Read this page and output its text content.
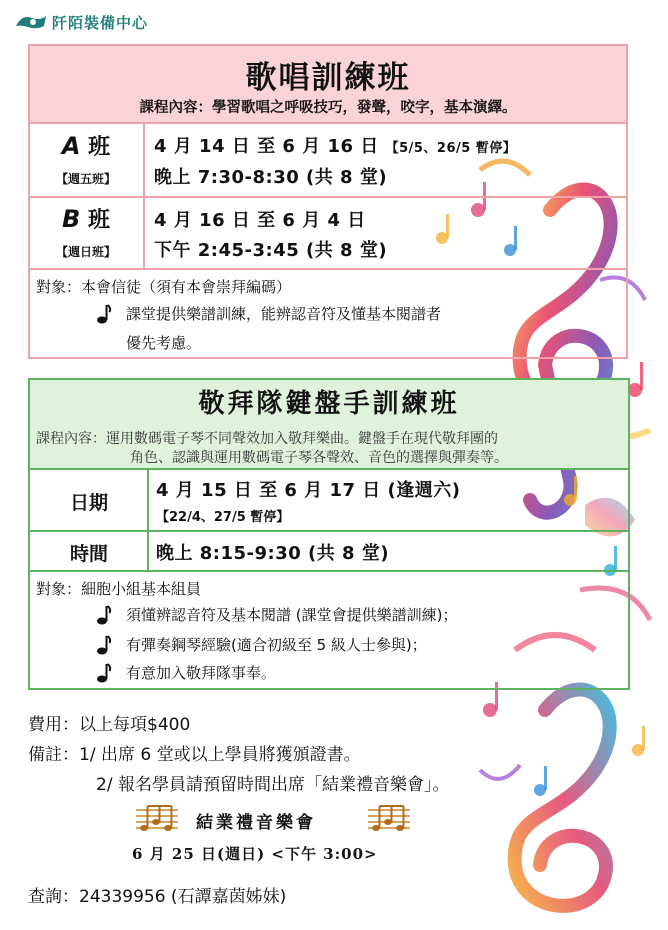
阡陌裝備中心
歌唱訓練班
課程內容：學習歌唱之呼吸技巧，發聲，咬字，基本演繹。
A 班
【週五班】
4 月 14 日 至 6 月 16 日 【5/5、26/5 暫停】
晚上 7:30-8:30 (共 8 堂)
B 班
【週日班】
4 月 16 日 至 6 月 4 日
下午 2:45-3:45 (共 8 堂)
對象：本會信徒（須有本會崇拜編碼）
課堂提供樂譜訓練，能辨認音符及懂基本閱譜者
優先考慮。
敬拜隊鍵盤手訓練班
課程內容：運用數碼電子琴不同聲效加入敬拜樂曲。鍵盤手在現代敬拜團的
角色、認識與運用數碼電子琴各聲效、音色的選擇與彈奏等。
日期
4 月 15 日 至 6 月 17 日 (逢週六)
【22/4、27/5 暫停】
時間	晚上 8:15-9:30 (共 8 堂)
對象：細胞小組基本組員
須懂辨認音符及基本閱譜 (課堂會提供樂譜訓練)；
有彈奏鋼琴經驗(適合初級至 5 級人士參與)；
有意加入敬拜隊事奉。
費用：以上每項$400
備註：1/ 出席 6 堂或以上學員將獲頒證書。
2/ 報名學員請預留時間出席「結業禮音樂會」。
結業禮音樂會
6 月 25 日(週日) <下午 3:00>
查詢：24339956 (石譚嘉茵姊妹)
